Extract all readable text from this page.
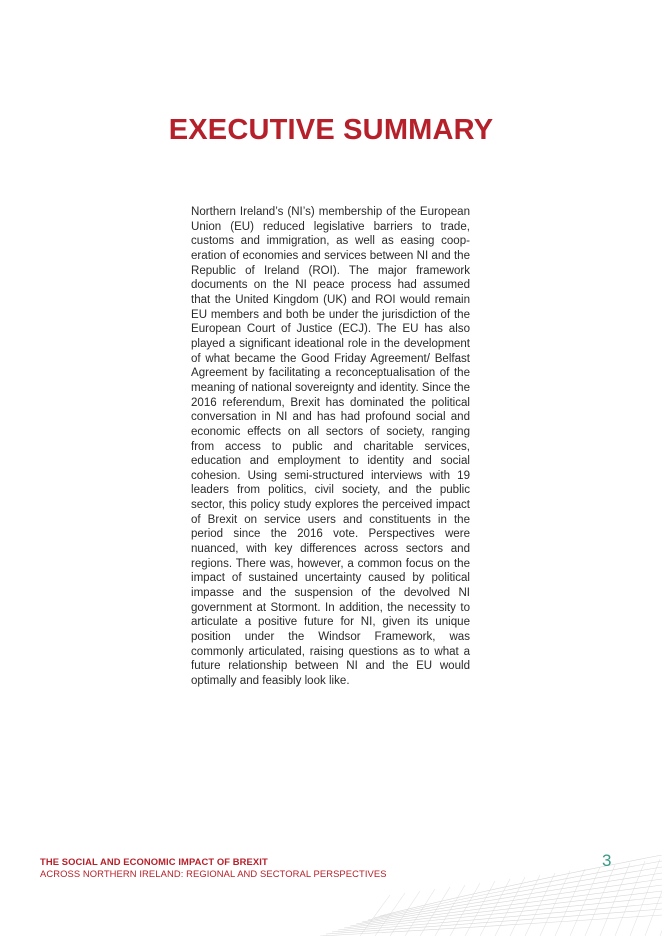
EXECUTIVE SUMMARY

Northern Ireland’s (NI’s) membership of the European Union (EU) reduced legislative barriers to trade, customs and immigration, as well as easing cooperation of economies and services between NI and the Republic of Ireland (ROI). The major framework documents on the NI peace process had assumed that the United Kingdom (UK) and ROI would remain EU members and both be under the jurisdiction of the European Court of Justice (ECJ). The EU has also played a significant ideational role in the development of what became the Good Friday Agreement/ Belfast Agreement by facilitating a reconceptualisation of the meaning of national sovereignty and identity. Since the 2016 referendum, Brexit has dominated the political conversation in NI and has had profound social and economic effects on all sectors of society, ranging from access to public and charitable services, education and employment to identity and social cohesion. Using semi-structured interviews with 19 leaders from politics, civil society, and the public sector, this policy study explores the perceived impact of Brexit on service users and constituents in the period since the 2016 vote. Perspectives were nuanced, with key differences across sectors and regions. There was, however, a common focus on the impact of sustained uncertainty caused by political impasse and the suspension of the devolved NI government at Stormont. In addition, the necessity to articulate a positive future for NI, given its unique position under the Windsor Framework, was commonly articulated, raising questions as to what a future relationship between NI and the EU would optimally and feasibly look like.

THE SOCIAL AND ECONOMIC IMPACT OF BREXIT
ACROSS NORTHERN IRELAND: REGIONAL AND SECTORAL PERSPECTIVES
3
